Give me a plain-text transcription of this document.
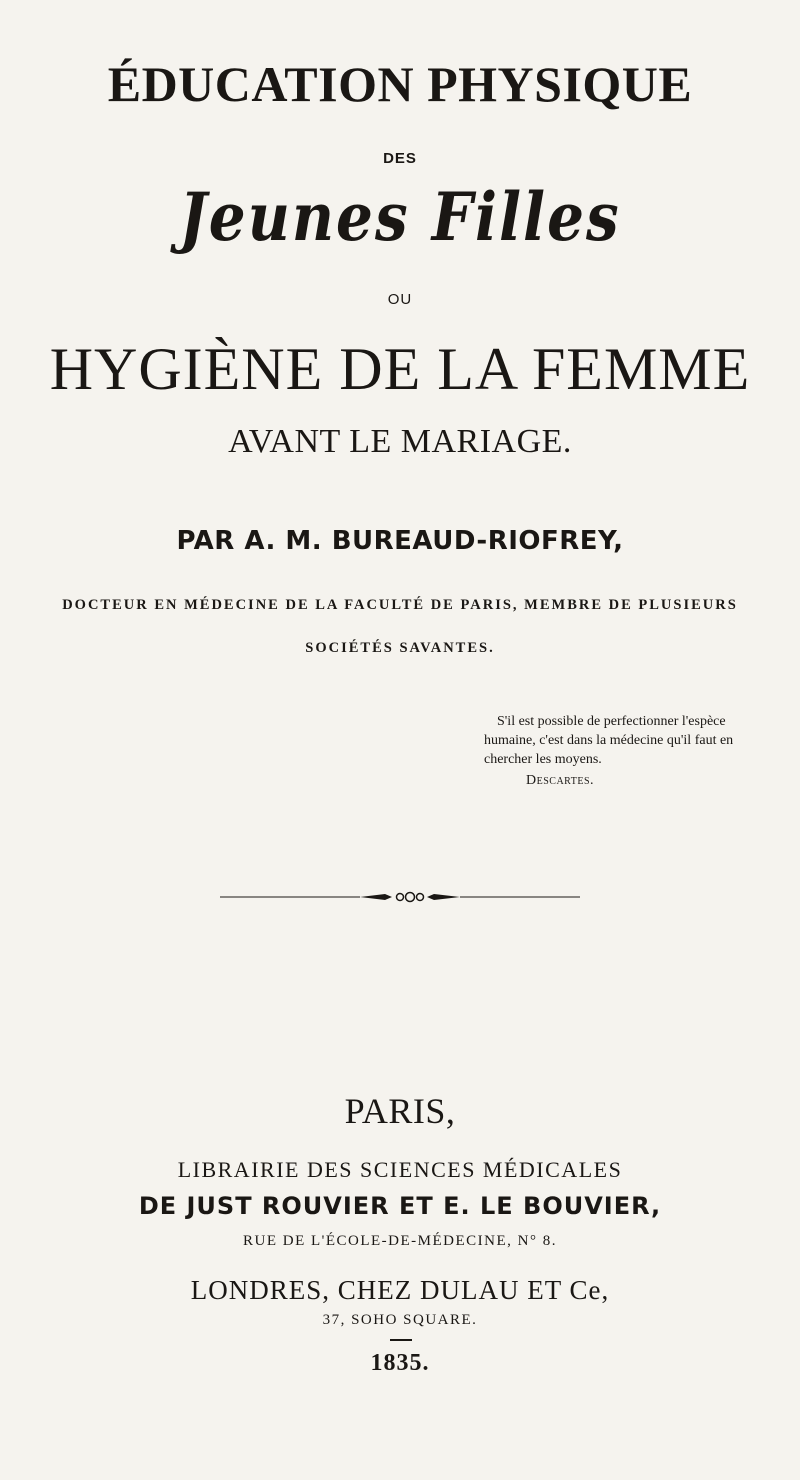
ÉDUCATION PHYSIQUE
DES
Jeunes Filles
OU
HYGIÈNE DE LA FEMME
AVANT LE MARIAGE.
PAR A. M. BUREAUD-RIOFREY,
DOCTEUR EN MÉDECINE DE LA FACULTÉ DE PARIS, MEMBRE DE PLUSIEURS
SOCIÉTÉS SAVANTES.
S'il est possible de perfectionner l'espèce humaine, c'est dans la médecine qu'il faut en chercher les moyens.
Descartes.
PARIS,
LIBRAIRIE DES SCIENCES MÉDICALES
DE JUST ROUVIER ET E. LE BOUVIER,
RUE DE L'ÉCOLE-DE-MÉDECINE, N° 8.
LONDRES, CHEZ DULAU ET Ce,
37, SOHO SQUARE.
1835.
